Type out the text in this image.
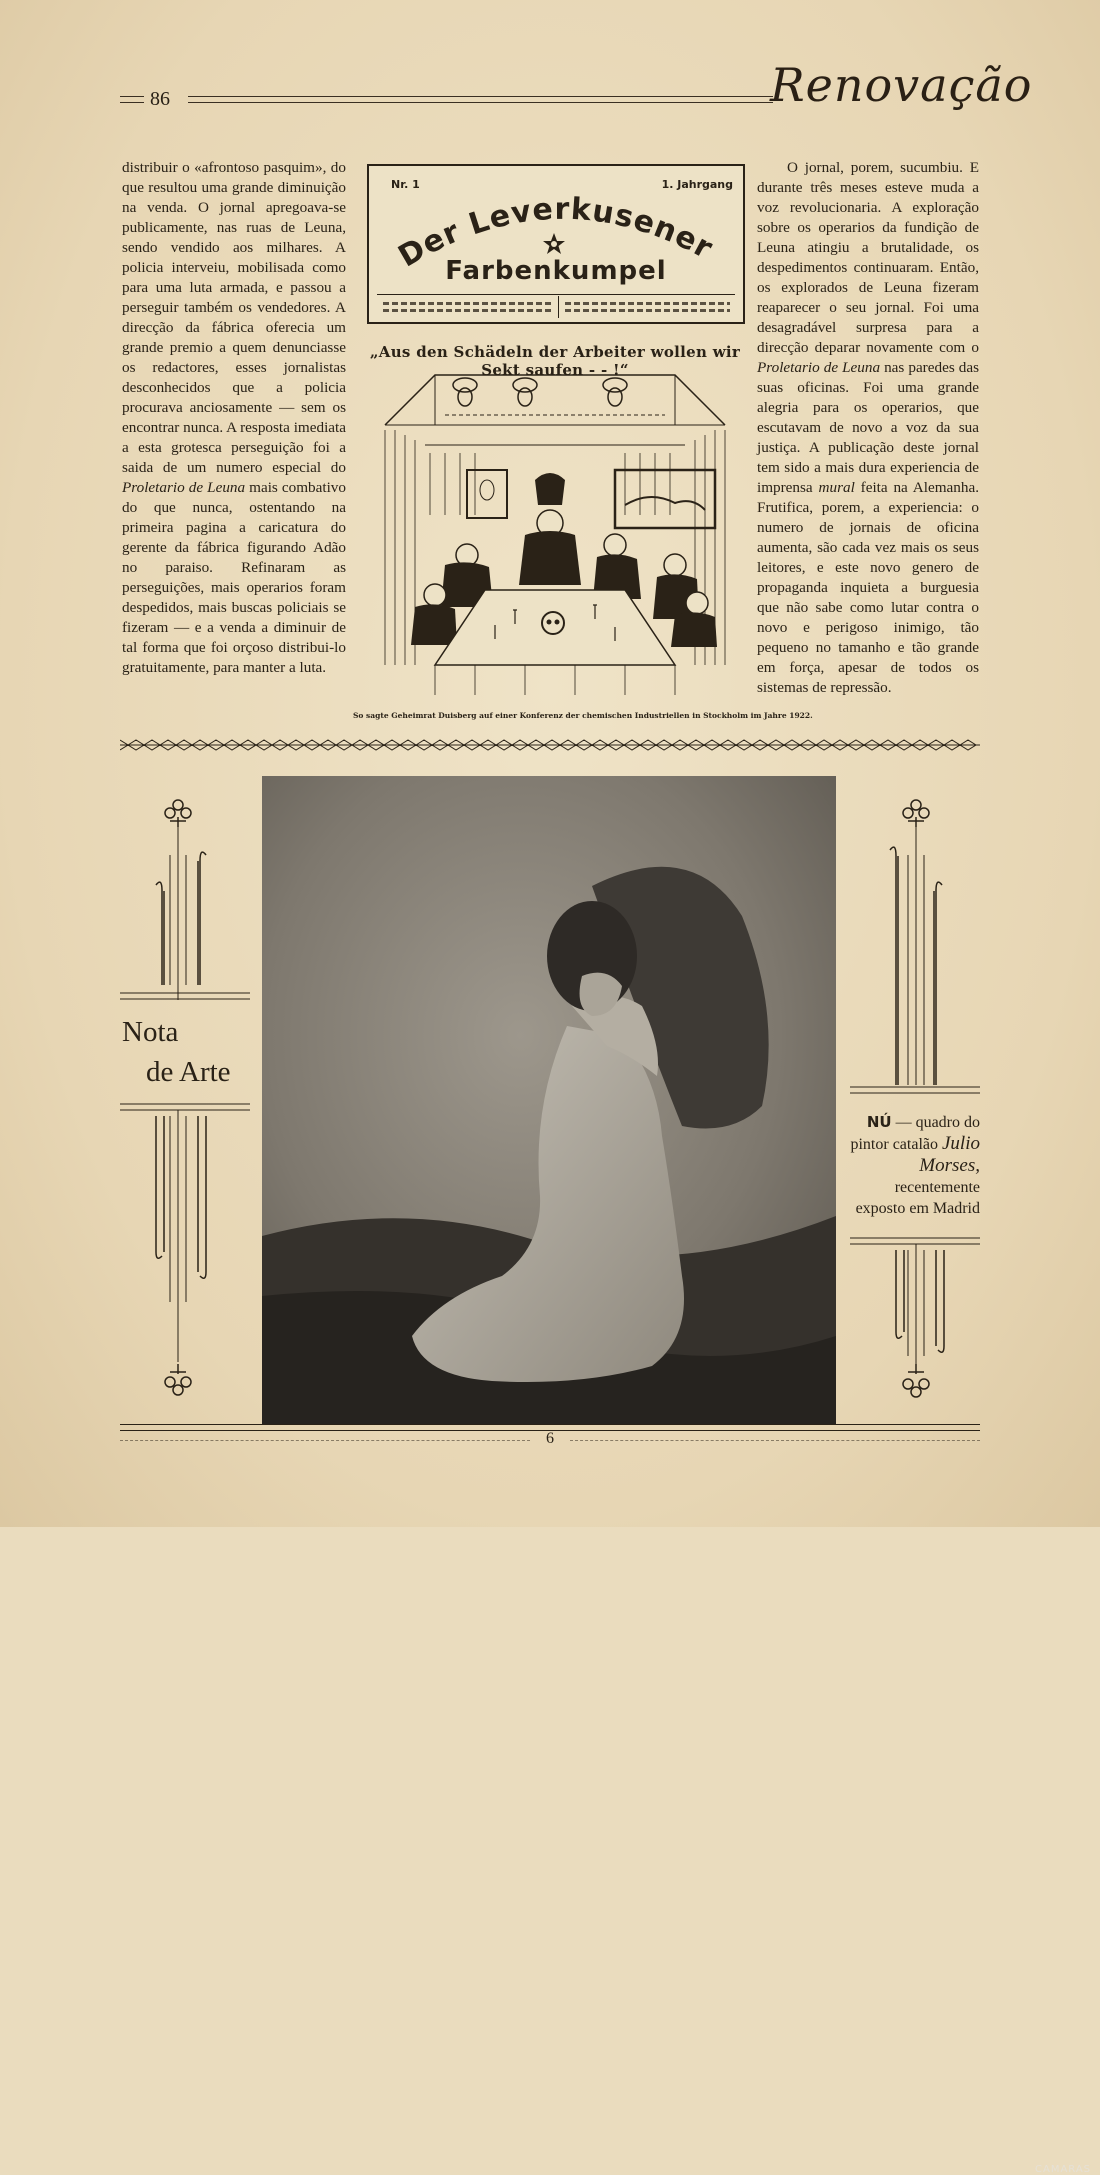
86	Renovação

distribuir o «afrontoso pasquim», do que resultou uma grande diminuição na venda. O jornal apregoava-se publicamente, nas ruas de Leuna, sendo vendido aos milhares. A policia interveiu, mobilisada como para uma luta armada, e passou a perseguir também os vendedores. A direcção da fábrica oferecia um grande premio a quem denunciasse os redactores, esses jornalistas desconhecidos que a policia procurava anciosamente — sem os encontrar nunca. A resposta imediata a esta grotesca perseguição foi a saida de um numero especial do Proletario de Leuna mais combativo do que nunca, ostentando na primeira pagina a caricatura do gerente da fábrica figurando Adão no paraiso. Refinaram as perseguições, mais operarios foram despedidos, mais buscas policiais se fizeram — e a venda a diminuir de tal forma que foi orçoso distribui-lo gratuitamente, para manter a luta.

Nr. 1	1. Jahrgang
Der Leverkusener
Farbenkumpel
„Aus den Schädeln der Arbeiter wollen wir Sekt saufen - - !“
So sagte Geheimrat Duisberg auf einer Konferenz der chemischen Industriellen in Stockholm im Jahre 1922.

O jornal, porem, sucumbiu. E durante três meses esteve muda a voz revolucionaria. A exploração sobre os operarios da fundição de Leuna atingiu a brutalidade, os despedimentos continuaram. Então, os explorados de Leuna fizeram reaparecer o seu jornal. Foi uma desagradável surpresa para a direcção deparar novamente com o Proletario de Leuna nas paredes das suas oficinas. Foi uma grande alegria para os operarios, que escutavam de novo a voz da sua justiça. A publicação deste jornal tem sido a mais dura experiencia de imprensa mural feita na Alemanha. Frutifica, porem, a experiencia: o numero de jornais de oficina aumenta, são cada vez mais os seus leitores, e este novo genero de propaganda inquieta a burguesia que não sabe como lutar contra o novo e perigoso inimigo, tão pequeno no tamanho e tão grande em força, apesar de todos os sistemas de repressão.

Nota
de Arte
CAMARAS
NÚ — quadro do pintor catalão Julio Morses, recentemente exposto em Madrid
6
